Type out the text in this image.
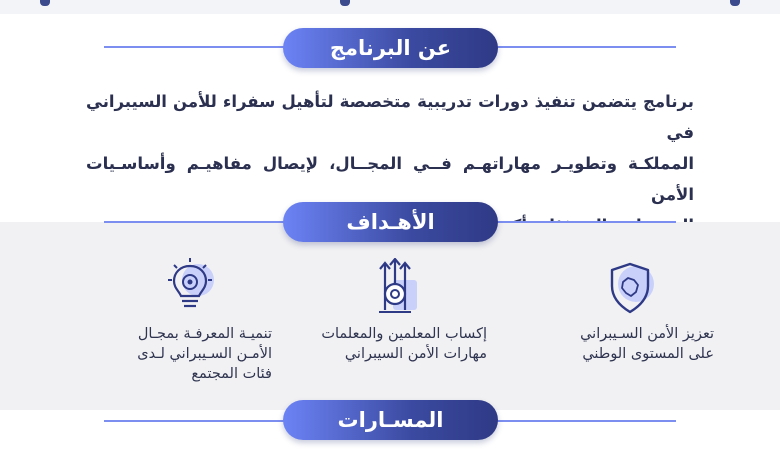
عن البرنامج
برنامج يتضمن تنفيذ دورات تدريبية متخصصة لتأهيل سفراء للأمن السيبراني في
المملكـة وتطويـر مهاراتهـم فــي المجــال، لإيصال مفاهيـم وأساسـيات الأمن
الأهـداف
تعزيز الأمن السـيبراني
على المستوى الوطني
إكساب المعلمين والمعلمات
مهارات الأمن السيبراني
تنميـة المعرفـة بمجـال
الأمـن السـيبراني لـدى
فئات المجتمع
المسـارات
